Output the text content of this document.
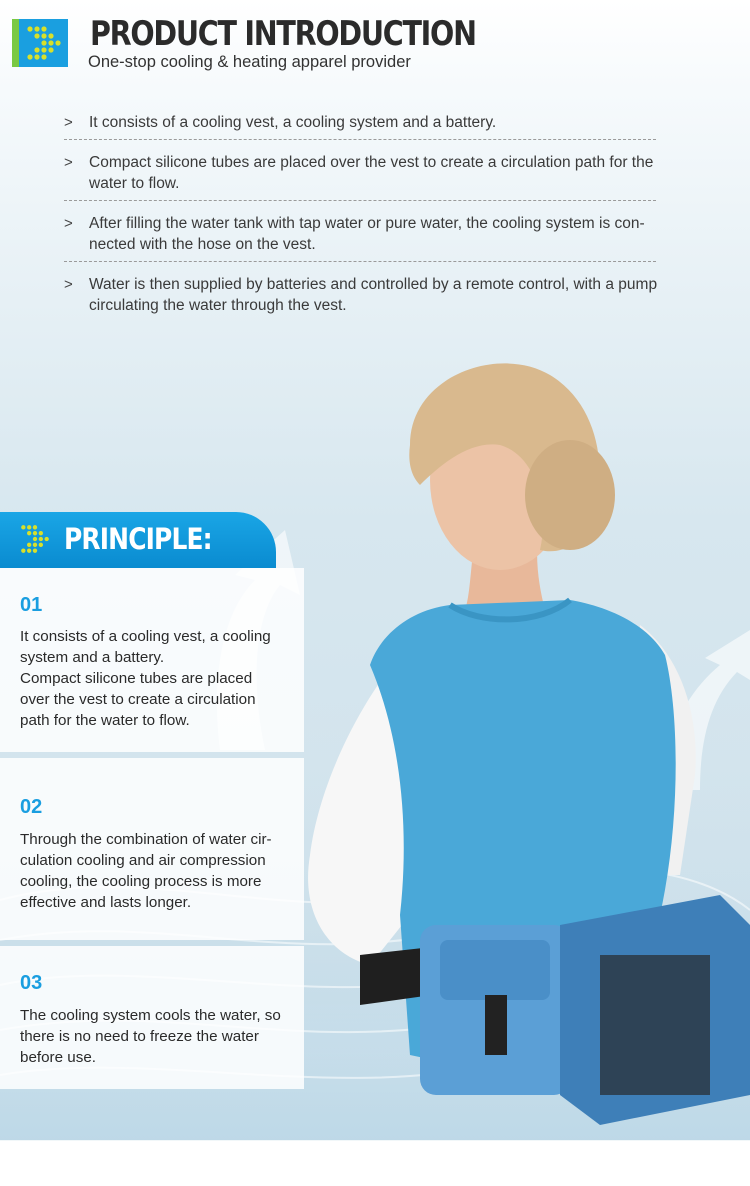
PRODUCT INTRODUCTION
One-stop cooling & heating apparel provider
> It consists of a cooling vest, a cooling system and a battery.
> Compact silicone tubes are placed over the vest to create a circulation path for the water to flow.
> After filling the water tank with tap water or pure water, the cooling system is con-nected with the hose on the vest.
> Water is then supplied by batteries and controlled by a remote control, with a pump circulating the water through the vest.
PRINCIPLE:

01

It consists of a cooling vest, a cooling system and a battery.
Compact silicone tubes are placed over the vest to create a circulation path for the water to flow.

02

Through the combination of water cir-culation cooling and air compression cooling, the cooling process is more effective and lasts longer.

03

The cooling system cools the water, so there is no need to freeze the water before use.
